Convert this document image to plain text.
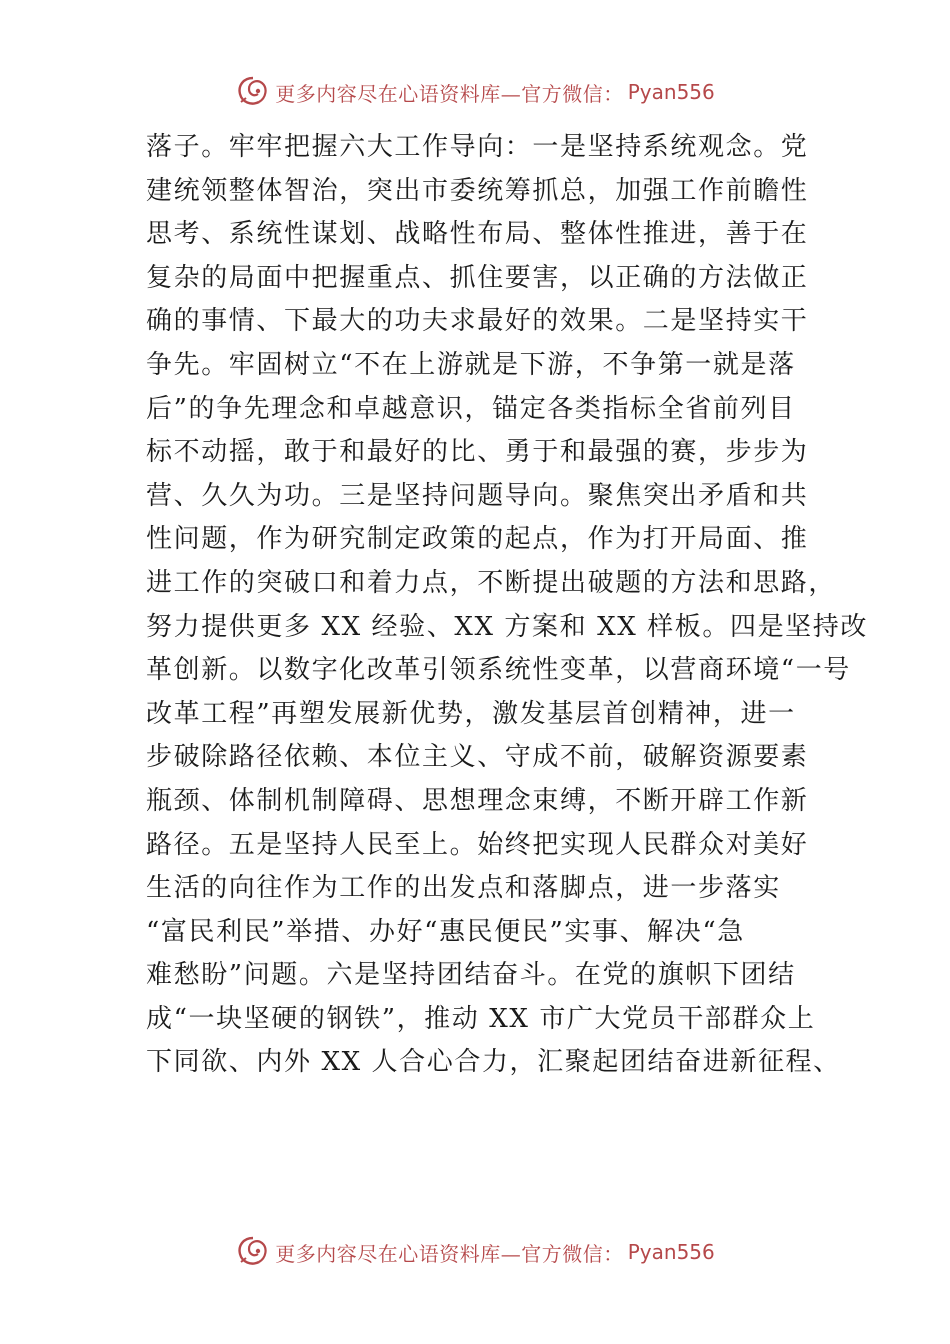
更多内容尽在心语资料库—官方微信： Pyan556
落子。牢牢把握六大工作导向：一是坚持系统观念。党
建统领整体智治，突出市委统筹抓总，加强工作前瞻性
思考、系统性谋划、战略性布局、整体性推进，善于在
复杂的局面中把握重点、抓住要害，以正确的方法做正
确的事情、下最大的功夫求最好的效果。二是坚持实干
争先。牢固树立“不在上游就是下游，不争第一就是落
后”的争先理念和卓越意识，锚定各类指标全省前列目
标不动摇，敢于和最好的比、勇于和最强的赛，步步为
营、久久为功。三是坚持问题导向。聚焦突出矛盾和共
性问题，作为研究制定政策的起点，作为打开局面、推
进工作的突破口和着力点，不断提出破题的方法和思路，
努力提供更多 XX 经验、XX 方案和 XX 样板。四是坚持改
革创新。以数字化改革引领系统性变革，以营商环境“一号
改革工程”再塑发展新优势，激发基层首创精神，进一
步破除路径依赖、本位主义、守成不前，破解资源要素
瓶颈、体制机制障碍、思想理念束缚，不断开辟工作新
路径。五是坚持人民至上。始终把实现人民群众对美好
生活的向往作为工作的出发点和落脚点，进一步落实
“富民利民”举措、办好“惠民便民”实事、解决“急
难愁盼”问题。六是坚持团结奋斗。在党的旗帜下团结
成“一块坚硬的钢铁”，推动 XX 市广大党员干部群众上
下同欲、内外 XX 人合心合力，汇聚起团结奋进新征程、
更多内容尽在心语资料库—官方微信： Pyan556
